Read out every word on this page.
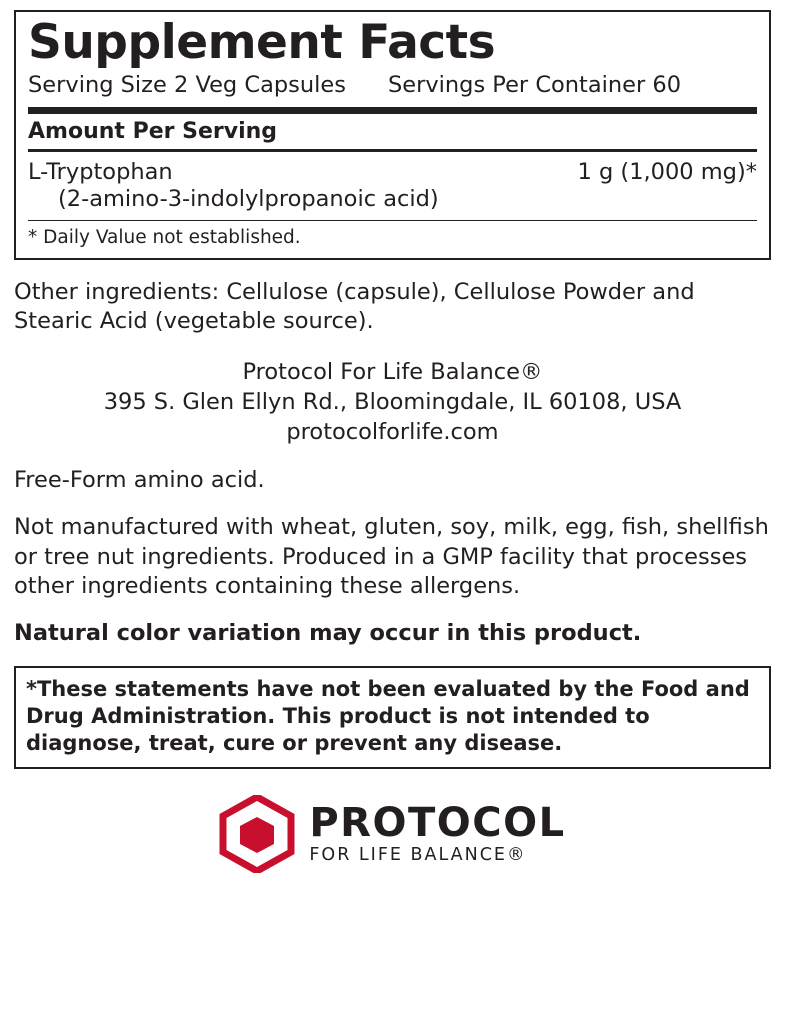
Supplement Facts
Serving Size 2 Veg Capsules Servings Per Container 60
Amount Per Serving
L-Tryptophan	1 g (1,000 mg)*
(2-amino-3-indolylpropanoic acid)
* Daily Value not established.
Other ingredients: Cellulose (capsule), Cellulose Powder and Stearic Acid (vegetable source).
Protocol For Life Balance®
395 S. Glen Ellyn Rd., Bloomingdale, IL 60108, USA
protocolforlife.com
Free-Form amino acid.
Not manufactured with wheat, gluten, soy, milk, egg, fish, shellfish or tree nut ingredients. Produced in a GMP facility that processes other ingredients containing these allergens.
Natural color variation may occur in this product.
*These statements have not been evaluated by the Food and Drug Administration. This product is not intended to diagnose, treat, cure or prevent any disease.
PROTOCOL
FOR LIFE BALANCE®
